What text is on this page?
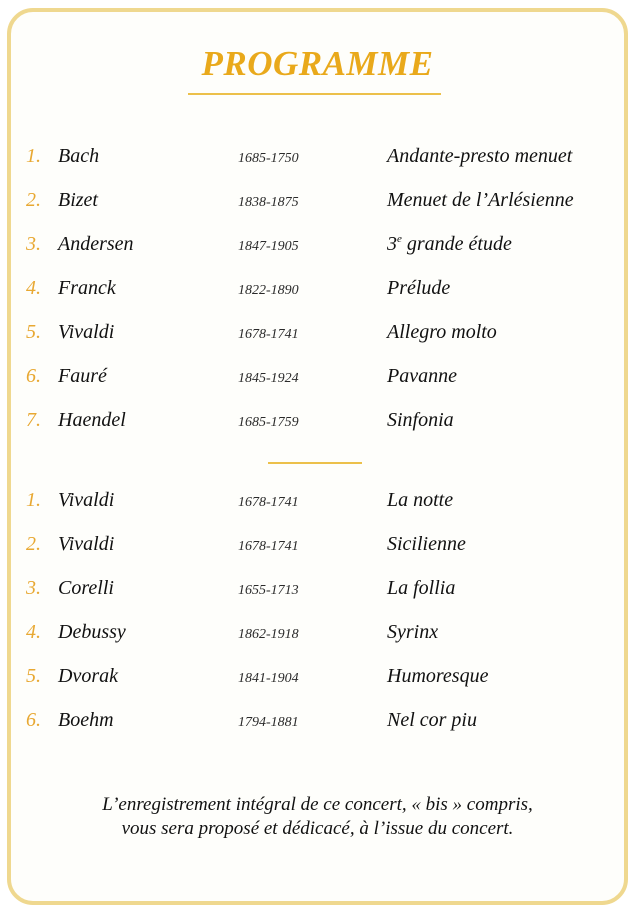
PROGRAMME
1. Bach	1685-1750	Andante-presto menuet
2. Bizet	1838-1875	Menuet de l’Arlésienne
3. Andersen	1847-1905	3e grande étude
4. Franck	1822-1890	Prélude
5. Vivaldi	1678-1741	Allegro molto
6. Fauré	1845-1924	Pavanne
7. Haendel	1685-1759	Sinfonia
1. Vivaldi	1678-1741	La notte
2. Vivaldi	1678-1741	Sicilienne
3. Corelli	1655-1713	La follia
4. Debussy	1862-1918	Syrinx
5. Dvorak	1841-1904	Humoresque
6. Boehm	1794-1881	Nel cor piu
L’enregistrement intégral de ce concert, « bis » compris,
vous sera proposé et dédicacé, à l’issue du concert.
